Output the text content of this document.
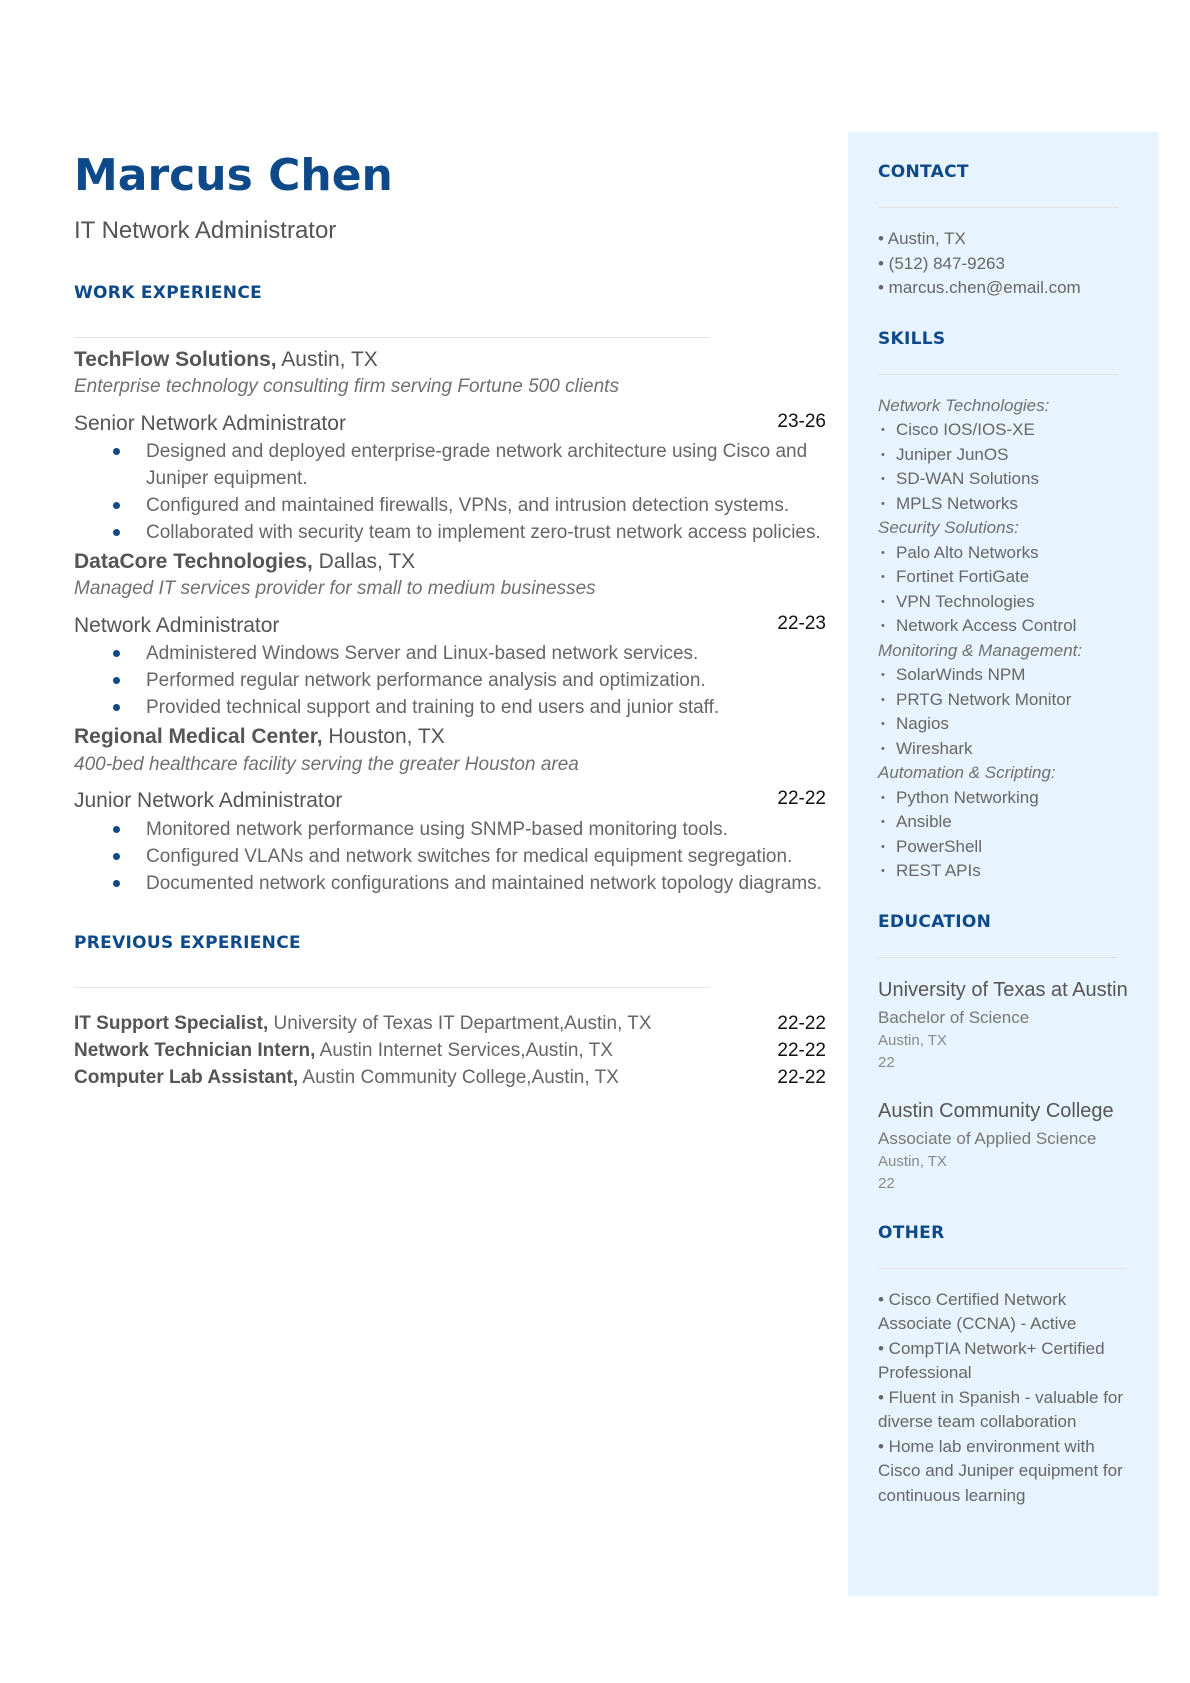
Marcus Chen
IT Network Administrator
WORK EXPERIENCE
TechFlow Solutions, Austin, TX
Enterprise technology consulting firm serving Fortune 500 clients
Senior Network Administrator	23-26
Designed and deployed enterprise-grade network architecture using Cisco and Juniper equipment.
Configured and maintained firewalls, VPNs, and intrusion detection systems.
Collaborated with security team to implement zero-trust network access policies.
DataCore Technologies, Dallas, TX
Managed IT services provider for small to medium businesses
Network Administrator	22-23
Administered Windows Server and Linux-based network services.
Performed regular network performance analysis and optimization.
Provided technical support and training to end users and junior staff.
Regional Medical Center, Houston, TX
400-bed healthcare facility serving the greater Houston area
Junior Network Administrator	22-22
Monitored network performance using SNMP-based monitoring tools.
Configured VLANs and network switches for medical equipment segregation.
Documented network configurations and maintained network topology diagrams.
PREVIOUS EXPERIENCE
IT Support Specialist, University of Texas IT Department,Austin, TX	22-22
Network Technician Intern, Austin Internet Services,Austin, TX	22-22
Computer Lab Assistant, Austin Community College,Austin, TX	22-22
CONTACT
• Austin, TX
• (512) 847-9263
• marcus.chen@email.com
SKILLS
Network Technologies:
• Cisco IOS/IOS-XE
• Juniper JunOS
• SD-WAN Solutions
• MPLS Networks
Security Solutions:
• Palo Alto Networks
• Fortinet FortiGate
• VPN Technologies
• Network Access Control
Monitoring & Management:
• SolarWinds NPM
• PRTG Network Monitor
• Nagios
• Wireshark
Automation & Scripting:
• Python Networking
• Ansible
• PowerShell
• REST APIs
EDUCATION
University of Texas at Austin
Bachelor of Science
Austin, TX
22
Austin Community College
Associate of Applied Science
Austin, TX
22
OTHER
• Cisco Certified Network Associate (CCNA) - Active
• CompTIA Network+ Certified Professional
• Fluent in Spanish - valuable for diverse team collaboration
• Home lab environment with Cisco and Juniper equipment for continuous learning
